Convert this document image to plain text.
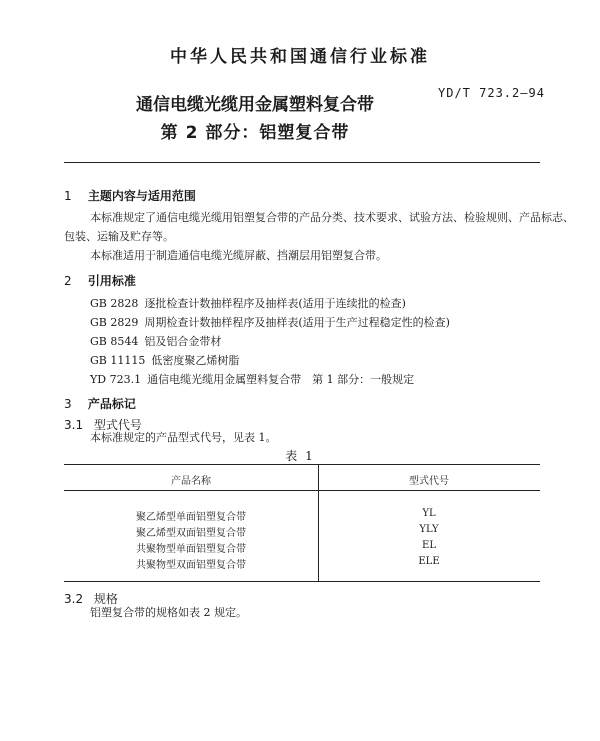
中华人民共和国通信行业标准
通信电缆光缆用金属塑料复合带
第 2 部分：铝塑复合带
YD/T 723.2—94
1 主题内容与适用范围
本标准规定了通信电缆光缆用铝塑复合带的产品分类、技术要求、试验方法、检验规则、产品标志、
包装、运输及贮存等。
本标准适用于制造通信电缆光缆屏蔽、挡潮层用铝塑复合带。
2 引用标准
GB 2828 逐批检查计数抽样程序及抽样表(适用于连续批的检查)
GB 2829 周期检查计数抽样程序及抽样表(适用于生产过程稳定性的检查)
GB 8544 铝及铝合金带材
GB 11115 低密度聚乙烯树脂
YD 723.1 通信电缆光缆用金属塑料复合带　第 1 部分：一般规定
3 产品标记
3.1 型式代号
本标准规定的产品型式代号，见表 1。
表 1
产品名称	型式代号
聚乙烯型单面铝塑复合带	YL
聚乙烯型双面铝塑复合带	YLY
共聚物型单面铝塑复合带	EL
共聚物型双面铝塑复合带	ELE
3.2 规格
铝塑复合带的规格如表 2 规定。
